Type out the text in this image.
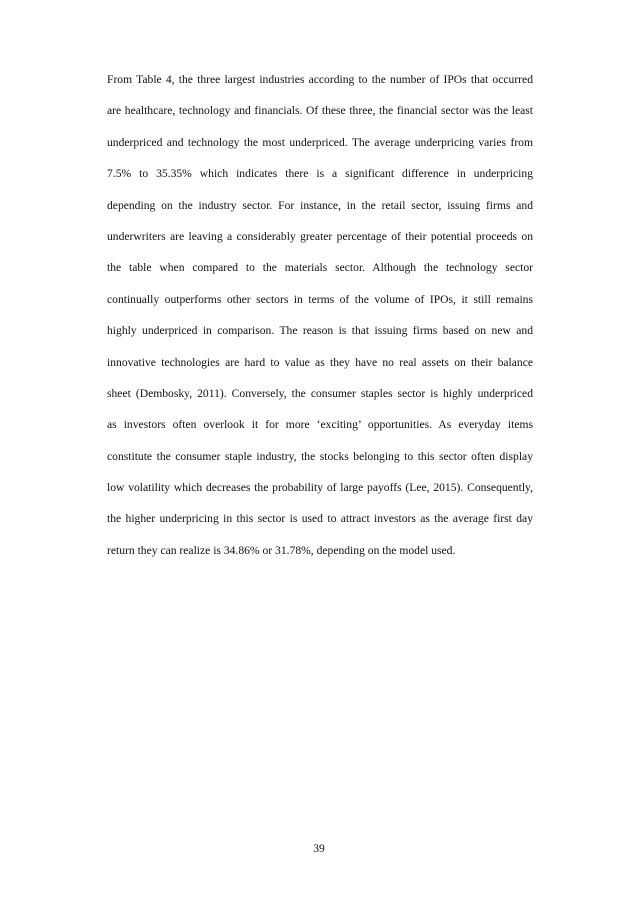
From Table 4, the three largest industries according to the number of IPOs that occurred
are healthcare, technology and financials. Of these three, the financial sector was the least
underpriced and technology the most underpriced. The average underpricing varies from
7.5% to 35.35% which indicates there is a significant difference in underpricing
depending on the industry sector. For instance, in the retail sector, issuing firms and
underwriters are leaving a considerably greater percentage of their potential proceeds on
the table when compared to the materials sector. Although the technology sector
continually outperforms other sectors in terms of the volume of IPOs, it still remains
highly underpriced in comparison. The reason is that issuing firms based on new and
innovative technologies are hard to value as they have no real assets on their balance
sheet (Dembosky, 2011). Conversely, the consumer staples sector is highly underpriced
as investors often overlook it for more ‘exciting’ opportunities. As everyday items
constitute the consumer staple industry, the stocks belonging to this sector often display
low volatility which decreases the probability of large payoffs (Lee, 2015). Consequently,
the higher underpricing in this sector is used to attract investors as the average first day
return they can realize is 34.86% or 31.78%, depending on the model used.
39
